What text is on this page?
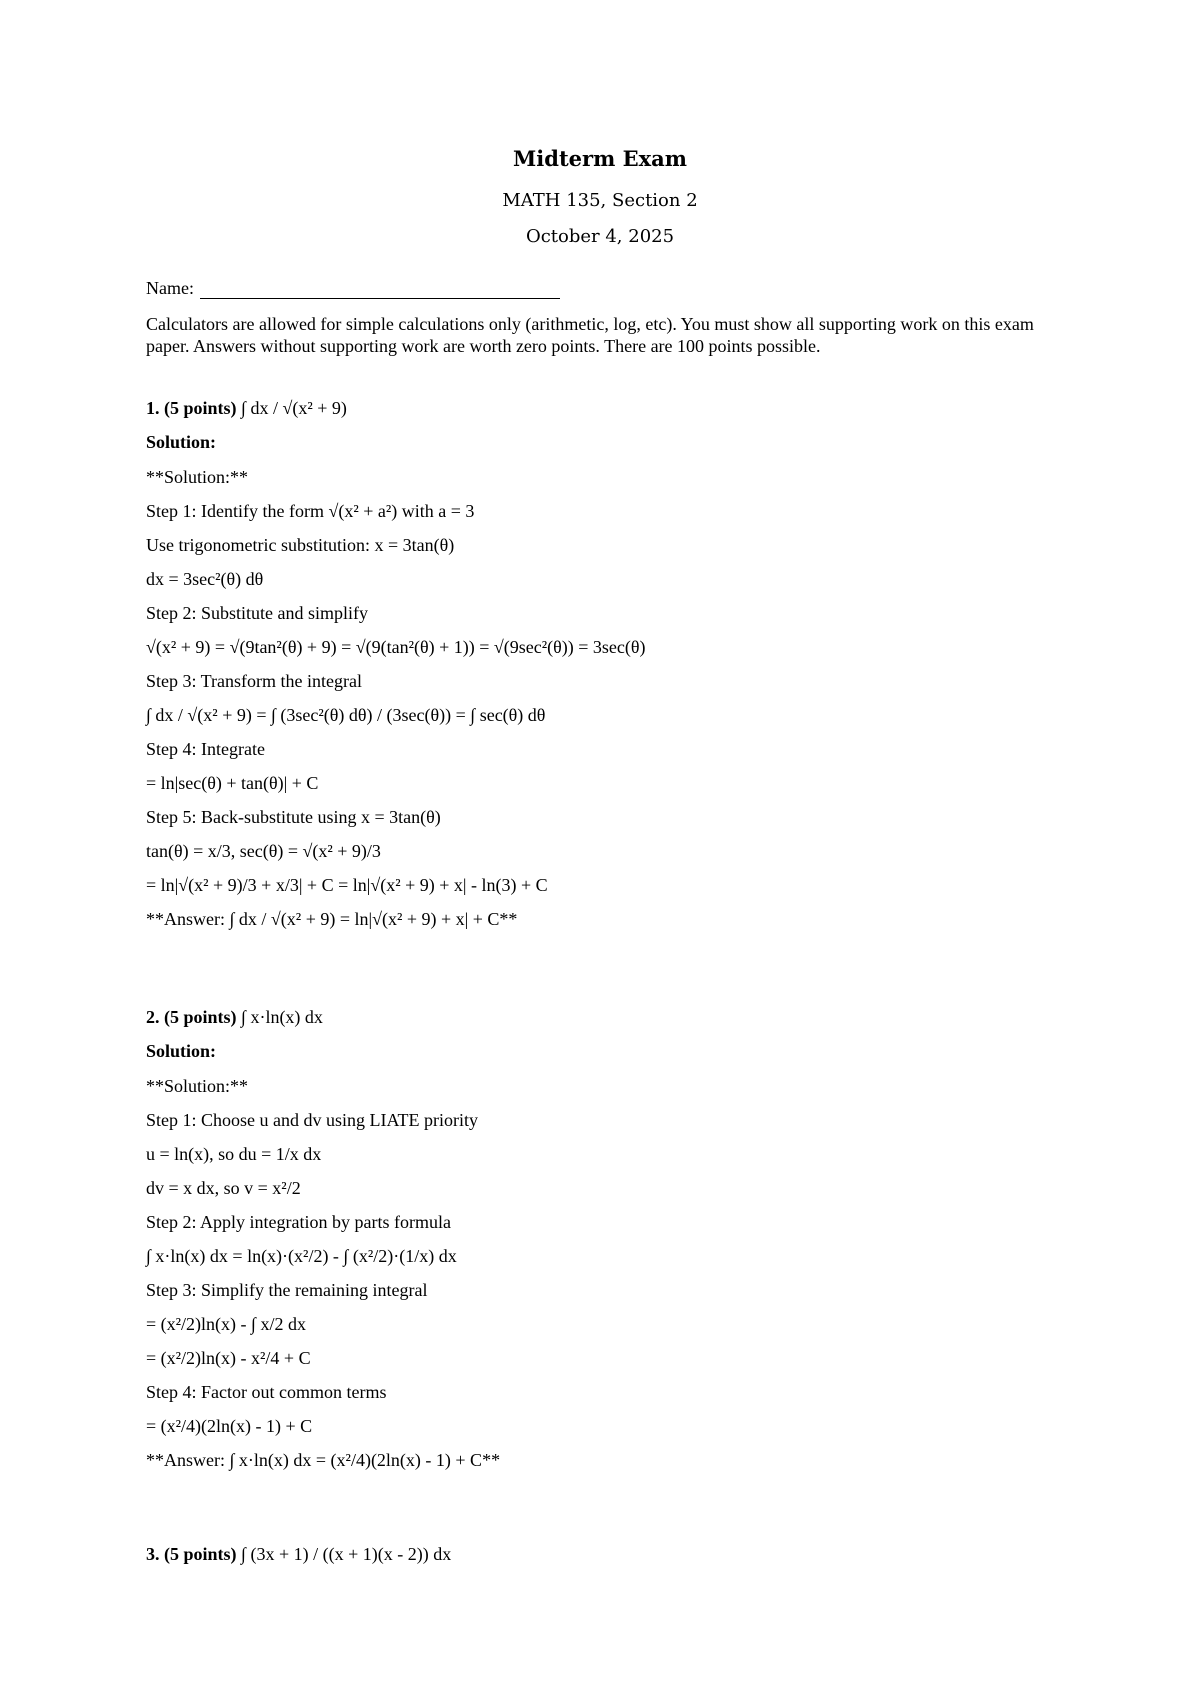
Midterm Exam
MATH 135, Section 2
October 4, 2025
Name:
Calculators are allowed for simple calculations only (arithmetic, log, etc). You must show all supporting work on this exam paper. Answers without supporting work are worth zero points. There are 100 points possible.
1. (5 points) ∫ dx / √(x² + 9)
Solution:
**Solution:**
Step 1: Identify the form √(x² + a²) with a = 3
Use trigonometric substitution: x = 3tan(θ)
dx = 3sec²(θ) dθ
Step 2: Substitute and simplify
√(x² + 9) = √(9tan²(θ) + 9) = √(9(tan²(θ) + 1)) = √(9sec²(θ)) = 3sec(θ)
Step 3: Transform the integral
∫ dx / √(x² + 9) = ∫ (3sec²(θ) dθ) / (3sec(θ)) = ∫ sec(θ) dθ
Step 4: Integrate
= ln|sec(θ) + tan(θ)| + C
Step 5: Back-substitute using x = 3tan(θ)
tan(θ) = x/3, sec(θ) = √(x² + 9)/3
= ln|√(x² + 9)/3 + x/3| + C = ln|√(x² + 9) + x| - ln(3) + C
**Answer: ∫ dx / √(x² + 9) = ln|√(x² + 9) + x| + C**
2. (5 points) ∫ x·ln(x) dx
Solution:
**Solution:**
Step 1: Choose u and dv using LIATE priority
u = ln(x), so du = 1/x dx
dv = x dx, so v = x²/2
Step 2: Apply integration by parts formula
∫ x·ln(x) dx = ln(x)·(x²/2) - ∫ (x²/2)·(1/x) dx
Step 3: Simplify the remaining integral
= (x²/2)ln(x) - ∫ x/2 dx
= (x²/2)ln(x) - x²/4 + C
Step 4: Factor out common terms
= (x²/4)(2ln(x) - 1) + C
**Answer: ∫ x·ln(x) dx = (x²/4)(2ln(x) - 1) + C**
3. (5 points) ∫ (3x + 1) / ((x + 1)(x - 2)) dx
